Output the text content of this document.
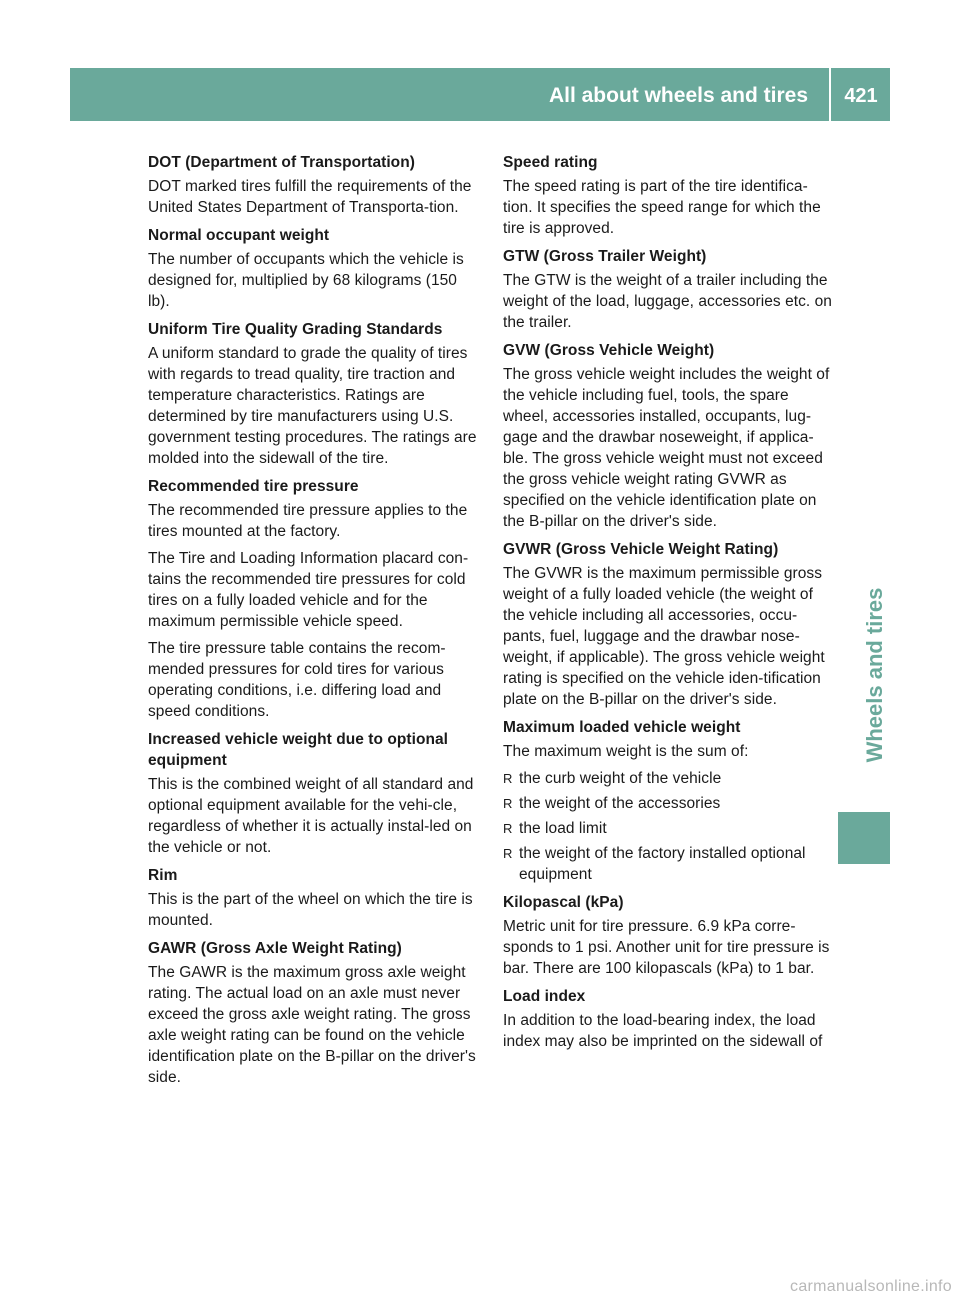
All about wheels and tires	421
Wheels and tires
DOT (Department of Transportation)

DOT marked tires fulfill the requirements of the United States Department of Transporta-tion.

Normal occupant weight

The number of occupants which the vehicle is designed for, multiplied by 68 kilograms (150 lb).

Uniform Tire Quality Grading Standards

A uniform standard to grade the quality of tires with regards to tread quality, tire traction and temperature characteristics. Ratings are determined by tire manufacturers using U.S. government testing procedures. The ratings are molded into the sidewall of the tire.

Recommended tire pressure

The recommended tire pressure applies to the tires mounted at the factory.

The Tire and Loading Information placard con-tains the recommended tire pressures for cold tires on a fully loaded vehicle and for the maximum permissible vehicle speed.

The tire pressure table contains the recom-mended pressures for cold tires for various operating conditions, i.e. differing load and speed conditions.

Increased vehicle weight due to optional equipment

This is the combined weight of all standard and optional equipment available for the vehi-cle, regardless of whether it is actually instal-led on the vehicle or not.

Rim

This is the part of the wheel on which the tire is mounted.

GAWR (Gross Axle Weight Rating)

The GAWR is the maximum gross axle weight rating. The actual load on an axle must never exceed the gross axle weight rating. The gross axle weight rating can be found on the vehicle identification plate on the B-pillar on the driver's side.

Speed rating

The speed rating is part of the tire identifica-tion. It specifies the speed range for which the tire is approved.

GTW (Gross Trailer Weight)

The GTW is the weight of a trailer including the weight of the load, luggage, accessories etc. on the trailer.

GVW (Gross Vehicle Weight)

The gross vehicle weight includes the weight of the vehicle including fuel, tools, the spare wheel, accessories installed, occupants, lug-gage and the drawbar noseweight, if applica-ble. The gross vehicle weight must not exceed the gross vehicle weight rating GVWR as specified on the vehicle identification plate on the B-pillar on the driver's side.

GVWR (Gross Vehicle Weight Rating)

The GVWR is the maximum permissible gross weight of a fully loaded vehicle (the weight of the vehicle including all accessories, occu-pants, fuel, luggage and the drawbar nose-weight, if applicable). The gross vehicle weight rating is specified on the vehicle iden-tification plate on the B-pillar on the driver's side.

Maximum loaded vehicle weight

The maximum weight is the sum of:

R the curb weight of the vehicle
R the weight of the accessories
R the load limit
R the weight of the factory installed optional equipment
Kilopascal (kPa)

Metric unit for tire pressure. 6.9 kPa corre-sponds to 1 psi. Another unit for tire pressure is bar. There are 100 kilopascals (kPa) to 1 bar.

Load index

In addition to the load-bearing index, the load index may also be imprinted on the sidewall of

carmanualsonline.info
